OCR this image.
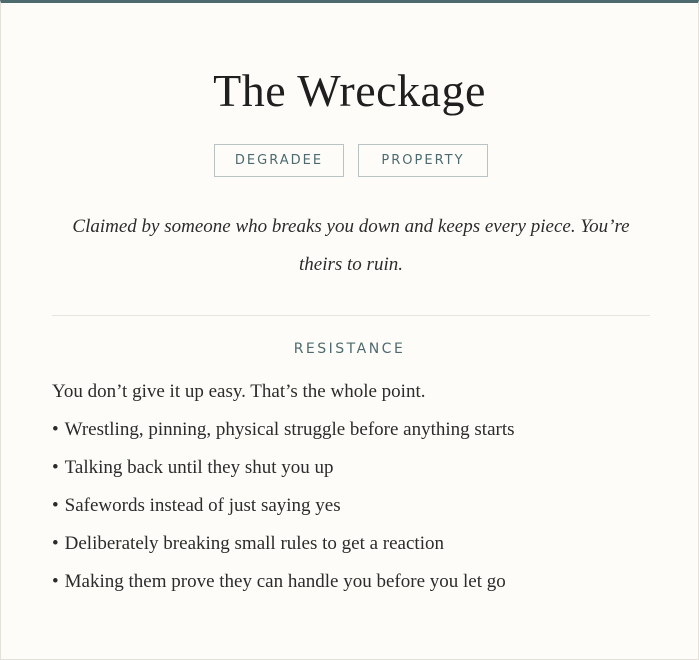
The Wreckage
DEGRADEE	PROPERTY
Claimed by someone who breaks you down and keeps every piece. You’re theirs to ruin.
RESISTANCE
You don’t give it up easy. That’s the whole point.
• Wrestling, pinning, physical struggle before anything starts
• Talking back until they shut you up
• Safewords instead of just saying yes
• Deliberately breaking small rules to get a reaction
• Making them prove they can handle you before you let go
